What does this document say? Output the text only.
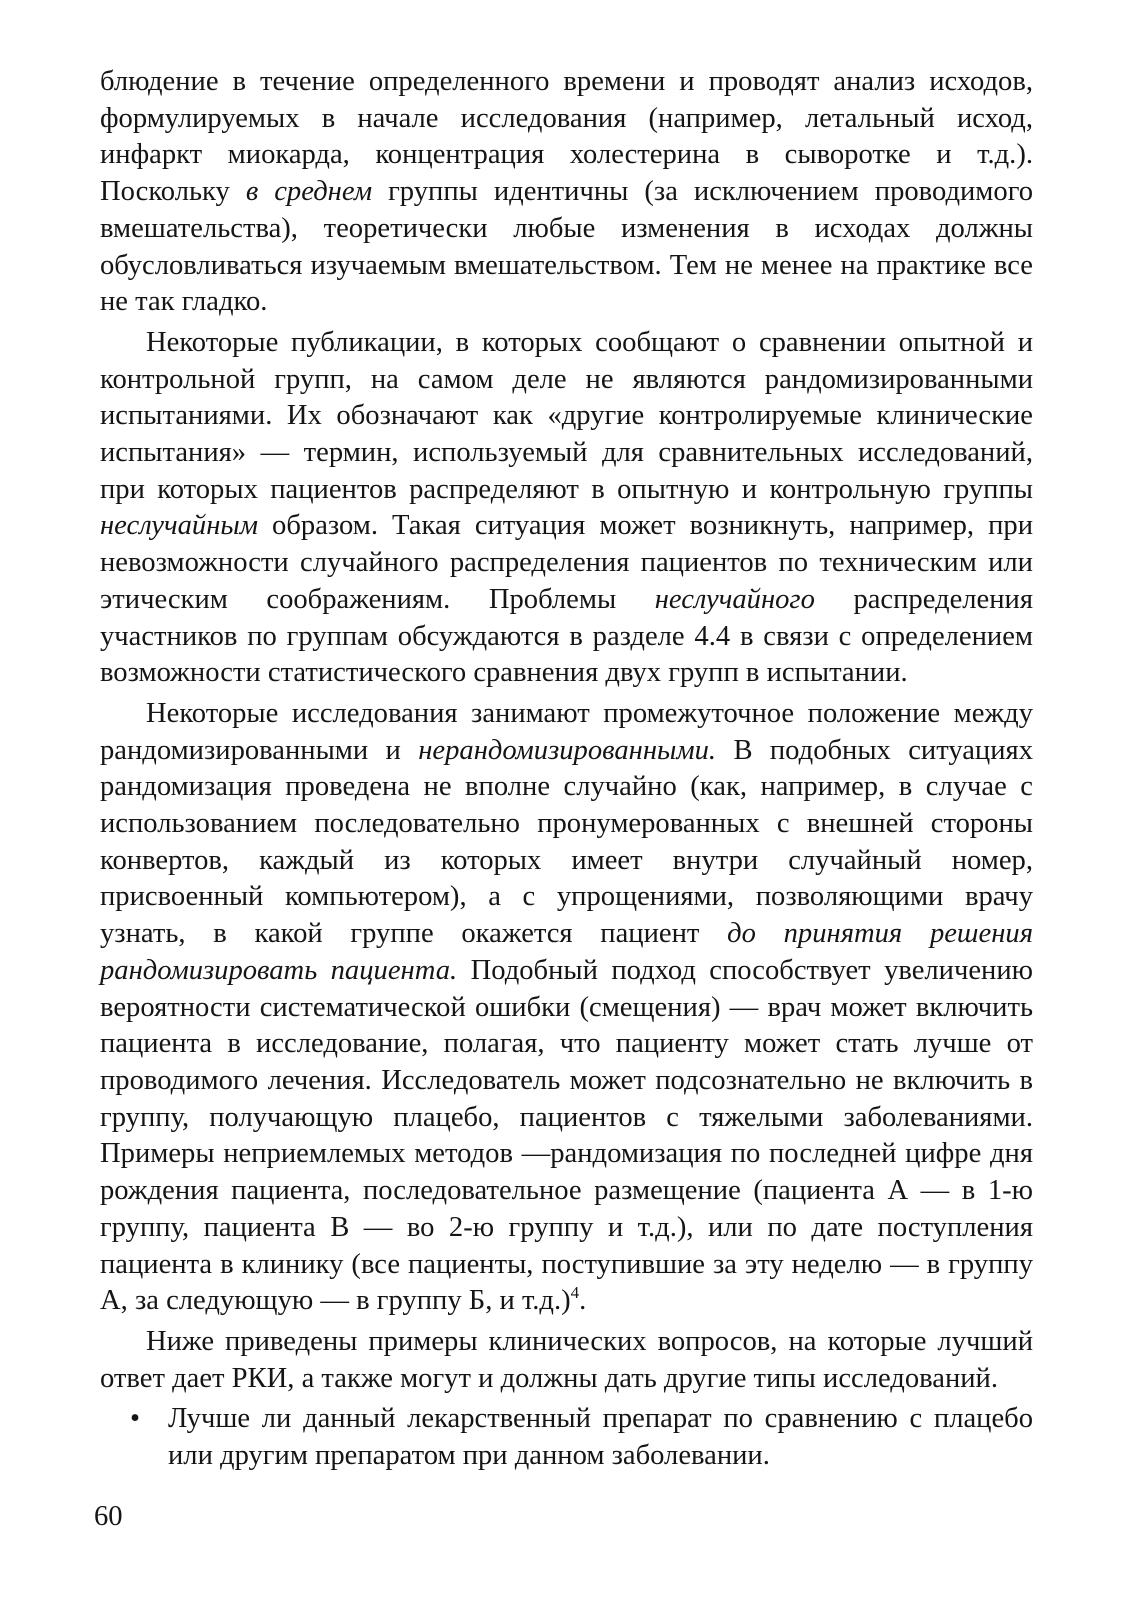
блюдение в течение определенного времени и проводят анализ исходов, формулируемых в начале исследования (например, летальный исход, инфаркт миокарда, концентрация холестерина в сыворотке и т.д.). Поскольку в среднем группы идентичны (за исключением проводимого вмешательства), теоретически любые изменения в исходах должны обусловливаться изучаемым вмешательством. Тем не менее на практике все не так гладко.

Некоторые публикации, в которых сообщают о сравнении опытной и контрольной групп, на самом деле не являются рандомизированными испытаниями. Их обозначают как «другие контролируемые клинические испытания» — термин, используемый для сравнительных исследований, при которых пациентов распределяют в опытную и контрольную группы неслучайным образом. Такая ситуация может возникнуть, например, при невозможности случайного распределения пациентов по техническим или этическим соображениям. Проблемы неслучайного распределения участников по группам обсуждаются в разделе 4.4 в связи с определением возможности статистического сравнения двух групп в испытании.

Некоторые исследования занимают промежуточное положение между рандомизированными и нерандомизированными. В подобных ситуациях рандомизация проведена не вполне случайно (как, например, в случае с использованием последовательно пронумерованных с внешней стороны конвертов, каждый из которых имеет внутри случайный номер, присвоенный компьютером), а с упрощениями, позволяющими врачу узнать, в какой группе окажется пациент до принятия решения рандомизировать пациента. Подобный подход способствует увеличению вероятности систематической ошибки (смещения) — врач может включить пациента в исследование, полагая, что пациенту может стать лучше от проводимого лечения. Исследователь может подсознательно не включить в группу, получающую плацебо, пациентов с тяжелыми заболеваниями. Примеры неприемлемых методов —рандомизация по последней цифре дня рождения пациента, последовательное размещение (пациента А — в 1-ю группу, пациента В — во 2-ю группу и т.д.), или по дате поступления пациента в клинику (все пациенты, поступившие за эту неделю — в группу А, за следующую — в группу Б, и т.д.)$^4$.

Ниже приведены примеры клинических вопросов, на которые лучший ответ дает РКИ, а также могут и должны дать другие типы исследований.

• Лучше ли данный лекарственный препарат по сравнению с плацебо или другим препаратом при данном заболевании.
60
